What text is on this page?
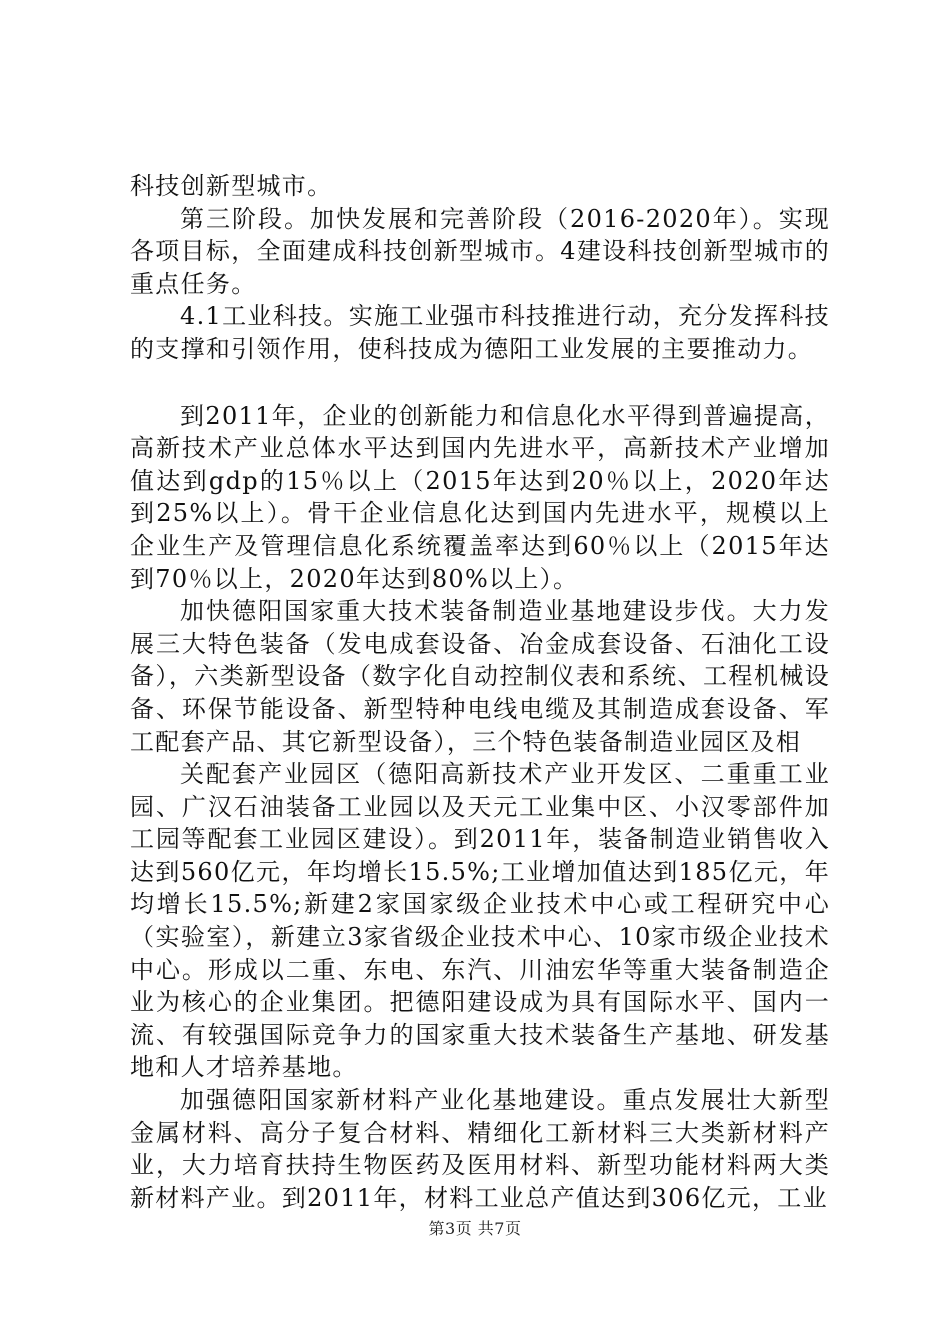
科技创新型城市。

第三阶段。加快发展和完善阶段（2016-2020年）。实现各项目标，全面建成科技创新型城市。4建设科技创新型城市的重点任务。

4.1工业科技。实施工业强市科技推进行动，充分发挥科技的支撑和引领作用，使科技成为德阳工业发展的主要推动力。

到2011年，企业的创新能力和信息化水平得到普遍提高，高新技术产业总体水平达到国内先进水平，高新技术产业增加值达到gdp的15％以上（2015年达到20％以上，2020年达到25%以上）。骨干企业信息化达到国内先进水平，规模以上企业生产及管理信息化系统覆盖率达到60％以上（2015年达到70％以上，2020年达到80%以上）。

加快德阳国家重大技术装备制造业基地建设步伐。大力发展三大特色装备（发电成套设备、冶金成套设备、石油化工设备），六类新型设备（数字化自动控制仪表和系统、工程机械设备、环保节能设备、新型特种电线电缆及其制造成套设备、军工配套产品、其它新型设备），三个特色装备制造业园区及相

关配套产业园区（德阳高新技术产业开发区、二重重工业园、广汉石油装备工业园以及天元工业集中区、小汉零部件加工园等配套工业园区建设）。到2011年，装备制造业销售收入达到560亿元，年均增长15.5%;工业增加值达到185亿元，年均增长15.5%;新建2家国家级企业技术中心或工程研究中心（实验室），新建立3家省级企业技术中心、10家市级企业技术中心。形成以二重、东电、东汽、川油宏华等重大装备制造企业为核心的企业集团。把德阳建设成为具有国际水平、国内一流、有较强国际竞争力的国家重大技术装备生产基地、研发基地和人才培养基地。

加强德阳国家新材料产业化基地建设。重点发展壮大新型金属材料、高分子复合材料、精细化工新材料三大类新材料产业，大力培育扶持生物医药及医用材料、新型功能材料两大类新材料产业。到2011年，材料工业总产值达到306亿元，工业

第3页 共7页
